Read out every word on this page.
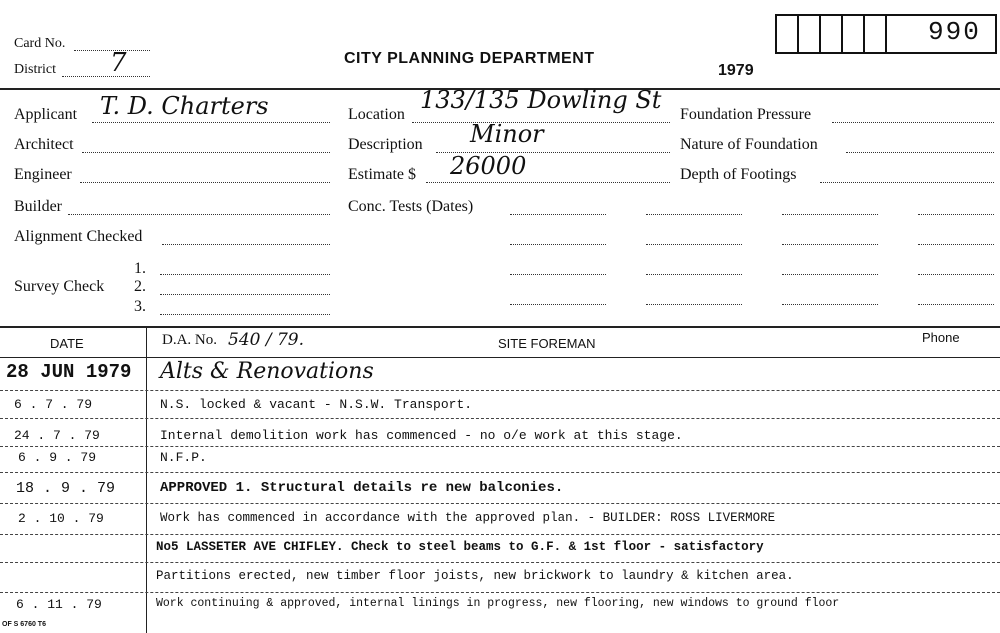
Card No.
District 7	CITY PLANNING DEPARTMENT
1979
990
Applicant T. D. Charters
Architect
Engineer
Builder
Alignment Checked
Survey Check
1.
2.
3.
Location
133/135 Dowling St
Description Minor
Estimate $ 26000
Conc. Tests (Dates)
Foundation Pressure
Nature of Foundation
Depth of Footings
DATE	D.A. No. 540 / 79.	SITE FOREMAN	Phone
28 JUN 1979 Alts & Renovations
6 . 7 . 79	N.S. locked & vacant - N.S.W. Transport.
24 . 7 . 79	Internal demolition work has commenced - no o/e work at this stage.
6 . 9 . 79	N.F.P.
18 . 9 . 79	APPROVED 1. Structural details re new balconies.
2 . 10 . 79	Work has commenced in accordance with the approved plan. - BUILDER: ROSS LIVERMORE
No5 LASSETER AVE CHIFLEY. Check to steel beams to G.F. & 1st floor - satisfactory
Partitions erected, new timber floor joists, new brickwork to laundry & kitchen area.
6 . 11 . 79	Work continuing & approved, internal linings in progress, new flooring, new windows to ground floor
OF S 6760 T6
